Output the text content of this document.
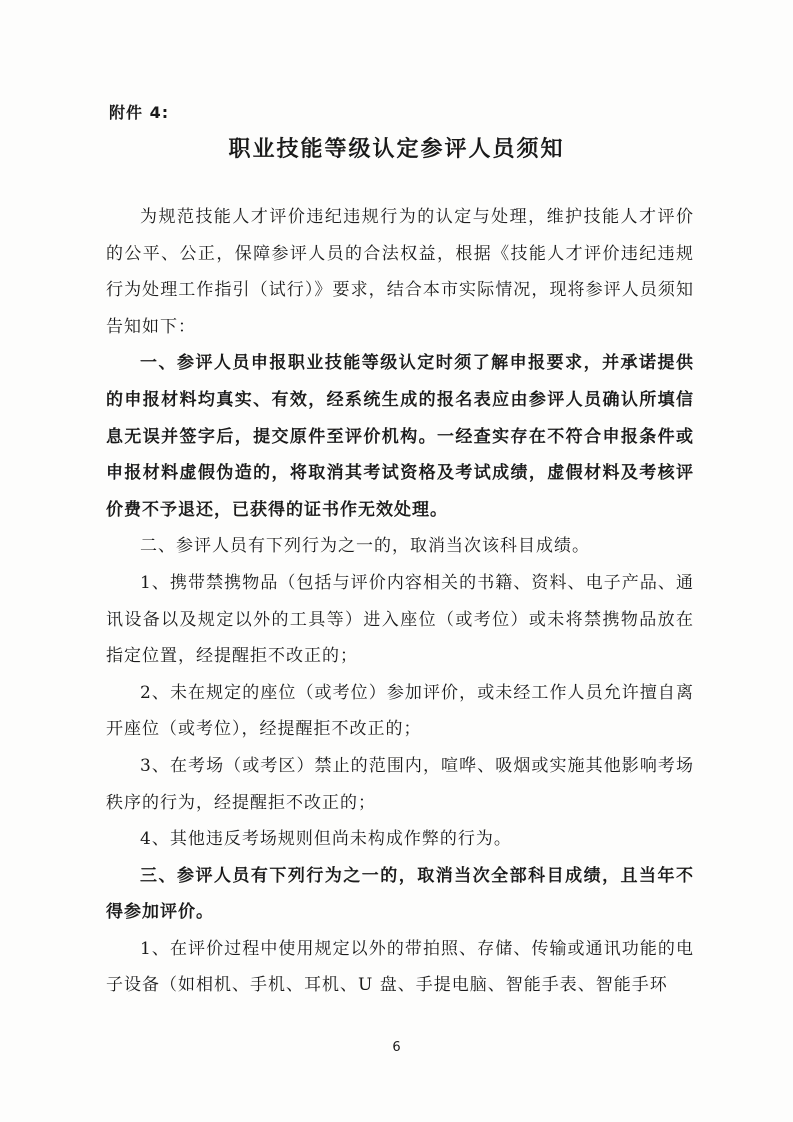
附件 4:
职业技能等级认定参评人员须知

为规范技能人才评价违纪违规行为的认定与处理，维护技能人才评价的公平、公正，保障参评人员的合法权益，根据《技能人才评价违纪违规行为处理工作指引（试行）》要求，结合本市实际情况，现将参评人员须知告知如下：

一、参评人员申报职业技能等级认定时须了解申报要求，并承诺提供的申报材料均真实、有效，经系统生成的报名表应由参评人员确认所填信息无误并签字后，提交原件至评价机构。一经查实存在不符合申报条件或申报材料虚假伪造的，将取消其考试资格及考试成绩，虚假材料及考核评价费不予退还，已获得的证书作无效处理。

二、参评人员有下列行为之一的，取消当次该科目成绩。

1、携带禁携物品（包括与评价内容相关的书籍、资料、电子产品、通讯设备以及规定以外的工具等）进入座位（或考位）或未将禁携物品放在指定位置，经提醒拒不改正的；

2、未在规定的座位（或考位）参加评价，或未经工作人员允许擅自离开座位（或考位），经提醒拒不改正的；

3、在考场（或考区）禁止的范围内，喧哗、吸烟或实施其他影响考场秩序的行为，经提醒拒不改正的；

4、其他违反考场规则但尚未构成作弊的行为。

三、参评人员有下列行为之一的，取消当次全部科目成绩，且当年不得参加评价。

1、在评价过程中使用规定以外的带拍照、存储、传输或通讯功能的电子设备（如相机、手机、耳机、U 盘、手提电脑、智能手表、智能手环

6
